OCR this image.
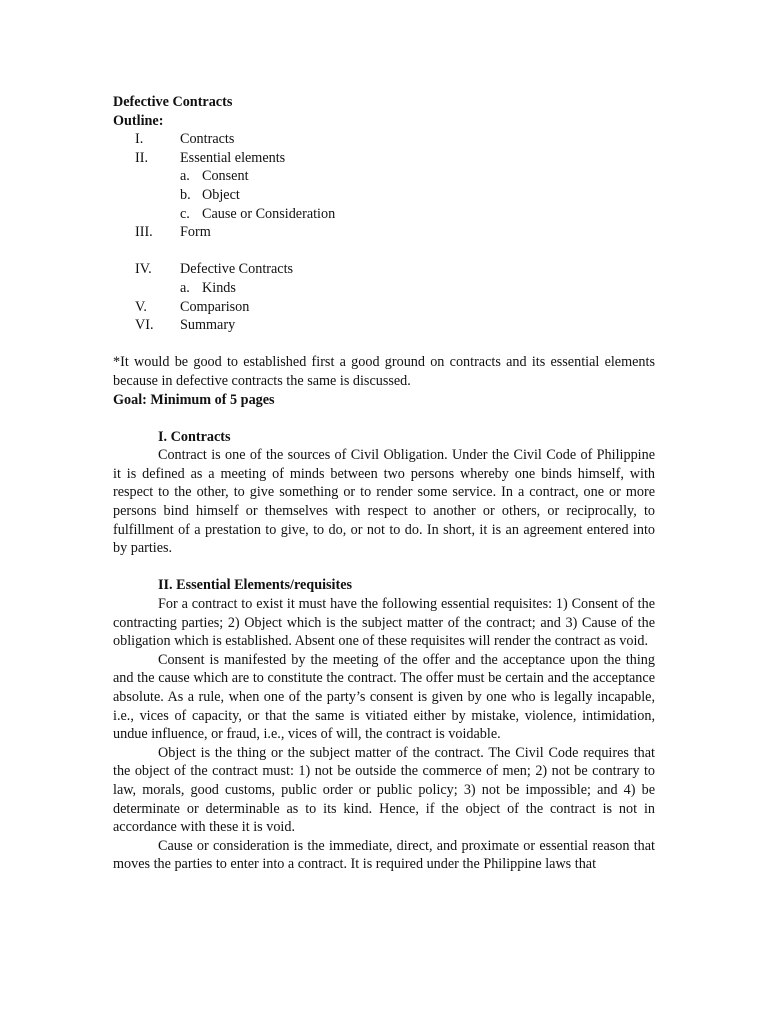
Defective Contracts
Outline:
I.	Contracts
II.	Essential elements
a. Consent
b. Object
c. Cause or Consideration
III.	Form
IV.	Defective Contracts
a. Kinds
V.	Comparison
VI.	Summary
*It would be good to established first a good ground on contracts and its essential elements because in defective contracts the same is discussed.
Goal: Minimum of 5 pages
I. Contracts
Contract is one of the sources of Civil Obligation. Under the Civil Code of Philippine it is defined as a meeting of minds between two persons whereby one binds himself, with respect to the other, to give something or to render some service. In a contract, one or more persons bind himself or themselves with respect to another or others, or reciprocally, to fulfillment of a prestation to give, to do, or not to do. In short, it is an agreement entered into by parties.
II. Essential Elements/requisites
For a contract to exist it must have the following essential requisites: 1) Consent of the contracting parties; 2) Object which is the subject matter of the contract; and 3) Cause of the obligation which is established. Absent one of these requisites will render the contract as void.
Consent is manifested by the meeting of the offer and the acceptance upon the thing and the cause which are to constitute the contract. The offer must be certain and the acceptance absolute. As a rule, when one of the party’s consent is given by one who is legally incapable, i.e., vices of capacity, or that the same is vitiated either by mistake, violence, intimidation, undue influence, or fraud, i.e., vices of will, the contract is voidable.
Object is the thing or the subject matter of the contract. The Civil Code requires that the object of the contract must: 1) not be outside the commerce of men; 2) not be contrary to law, morals, good customs, public order or public policy; 3) not be impossible; and 4) be determinate or determinable as to its kind. Hence, if the object of the contract is not in accordance with these it is void.
Cause or consideration is the immediate, direct, and proximate or essential reason that moves the parties to enter into a contract. It is required under the Philippine laws that
